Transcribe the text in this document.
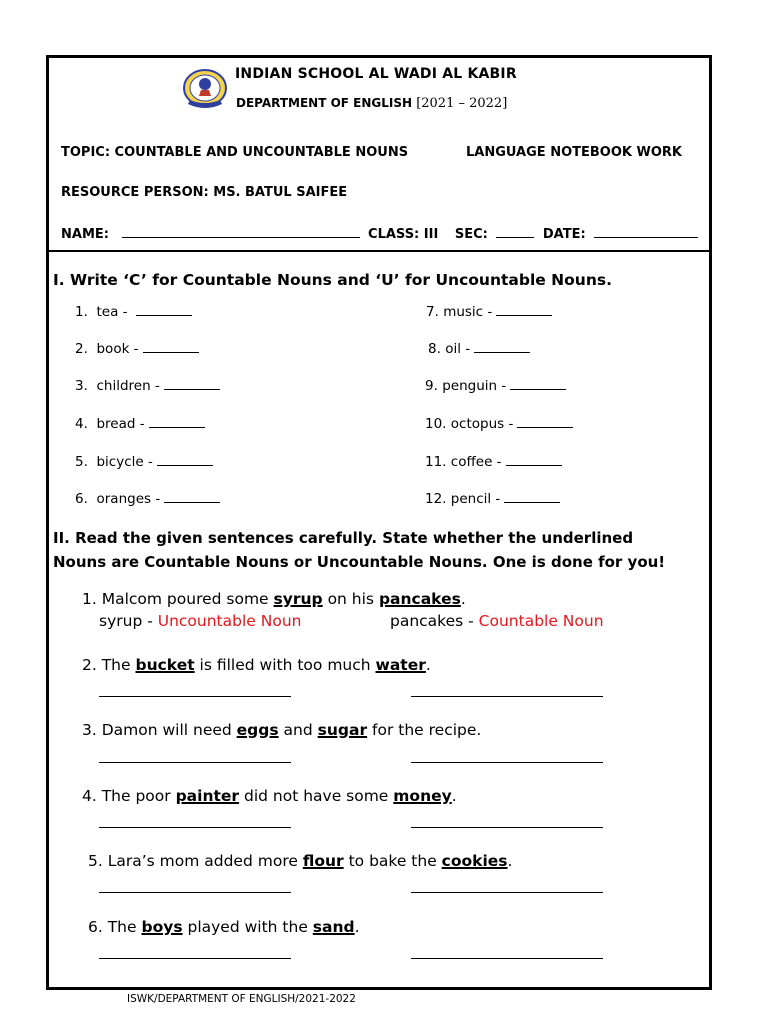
INDIAN SCHOOL AL WADI AL KABIR
DEPARTMENT OF ENGLISH [2021 – 2022]
TOPIC: COUNTABLE AND UNCOUNTABLE NOUNS	LANGUAGE NOTEBOOK WORK
RESOURCE PERSON: MS. BATUL SAIFEE
NAME:	CLASS: III SEC:	DATE:
I. Write ‘C’ for Countable Nouns and ‘U’ for Uncountable Nouns.
1. tea -
2. book -
3. children -
4. bread -
5. bicycle -
6. oranges -
7. music -
8. oil -
9. penguin -
10. octopus -
11. coffee -
12. pencil -
II. Read the given sentences carefully. State whether the underlined
Nouns are Countable Nouns or Uncountable Nouns. One is done for you!
1. Malcom poured some syrup on his pancakes.
syrup - Uncountable Noun	pancakes - Countable Noun
2. The bucket is filled with too much water.
3. Damon will need eggs and sugar for the recipe.
4. The poor painter did not have some money.
5. Lara’s mom added more flour to bake the cookies.
6. The boys played with the sand.
ISWK/DEPARTMENT OF ENGLISH/2021-2022
